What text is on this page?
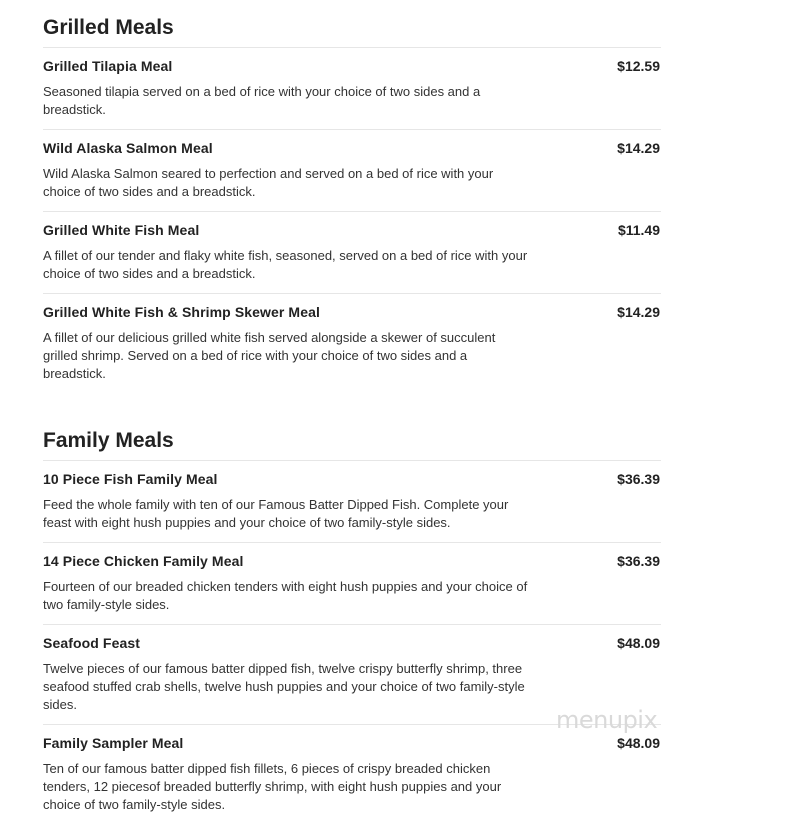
Grilled Meals
Grilled Tilapia Meal	$12.59
Seasoned tilapia served on a bed of rice with your choice of two sides and a breadstick.
Wild Alaska Salmon Meal	$14.29
Wild Alaska Salmon seared to perfection and served on a bed of rice with your choice of two sides and a breadstick.
Grilled White Fish Meal	$11.49
A fillet of our tender and flaky white fish, seasoned, served on a bed of rice with your choice of two sides and a breadstick.
Grilled White Fish & Shrimp Skewer Meal	$14.29
A fillet of our delicious grilled white fish served alongside a skewer of succulent grilled shrimp. Served on a bed of rice with your choice of two sides and a breadstick.
Family Meals
10 Piece Fish Family Meal	$36.39
Feed the whole family with ten of our Famous Batter Dipped Fish. Complete your feast with eight hush puppies and your choice of two family-style sides.
14 Piece Chicken Family Meal	$36.39
Fourteen of our breaded chicken tenders with eight hush puppies and your choice of two family-style sides.
Seafood Feast	$48.09
Twelve pieces of our famous batter dipped fish, twelve crispy butterfly shrimp, three seafood stuffed crab shells, twelve hush puppies and your choice of two family-style sides.
Family Sampler Meal	$48.09
Ten of our famous batter dipped fish fillets, 6 pieces of crispy breaded chicken tenders, 12 piecesof breaded butterfly shrimp, with eight hush puppies and your choice of two family-style sides.
menupix
